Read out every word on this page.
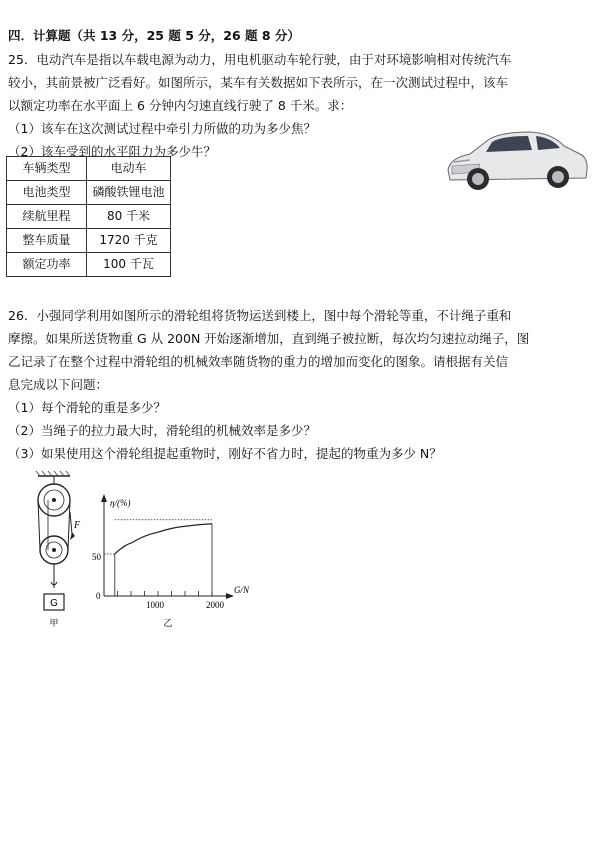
四．计算题（共 13 分，25 题 5 分，26 题 8 分）
25．电动汽车是指以车载电源为动力，用电机驱动车轮行驶，由于对环境影响相对传统汽车
较小，其前景被广泛看好。如图所示，某车有关数据如下表所示，在一次测试过程中，该车
以额定功率在水平面上 6 分钟内匀速直线行驶了 8 千米。求：
（1）该车在这次测试过程中牵引力所做的功为多少焦？
（2）该车受到的水平阻力为多少牛？
车辆类型	电动车
电池类型	磷酸铁锂电池
续航里程	80 千米
整车质量	1720 千克
额定功率	100 千瓦
26．小强同学利用如图所示的滑轮组将货物运送到楼上，图中每个滑轮等重，不计绳子重和
摩擦。如果所送货物重 G 从 200N 开始逐渐增加，直到绳子被拉断，每次均匀速拉动绳子，图
乙记录了在整个过程中滑轮组的机械效率随货物的重力的增加而变化的图象。请根据有关信
息完成以下问题：
（1）每个滑轮的重是多少？
（2）当绳子的拉力最大时，滑轮组的机械效率是多少？
（3）如果使用这个滑轮组提起重物时，刚好不省力时，提起的物重为多少 N？
F
G
甲
η/(%)
G/N
50
0
1000	2000
乙
